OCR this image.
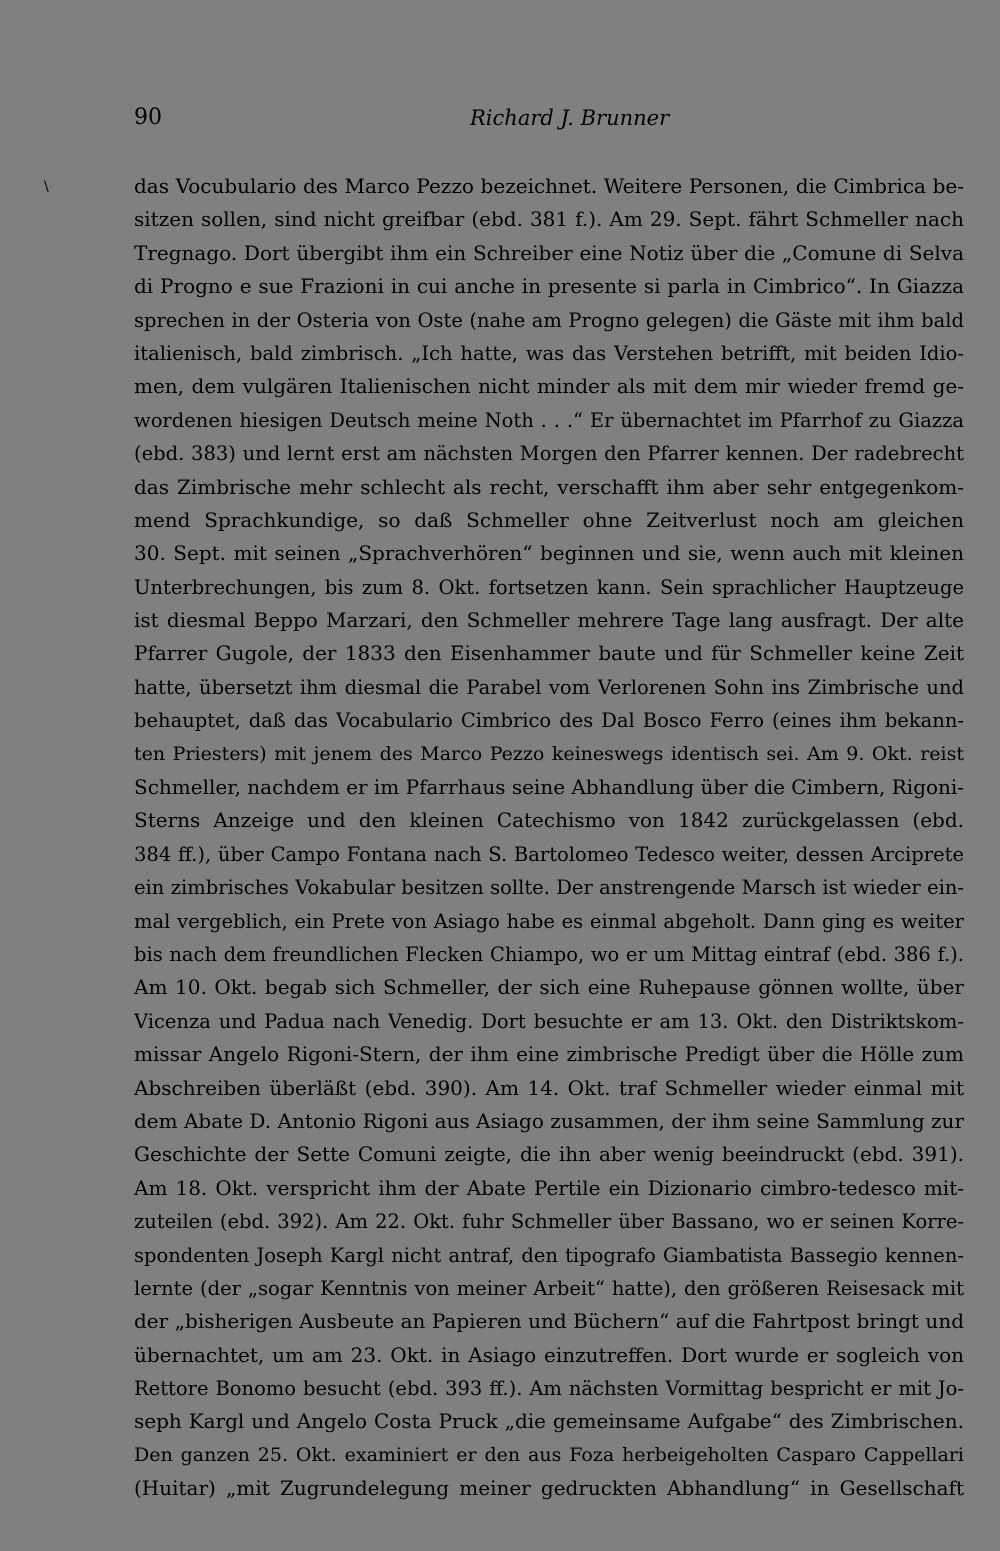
90	Richard J. Brunner
\	das Vocubulario des Marco Pezzo bezeichnet. Weitere Personen, die Cimbrica be-
sitzen sollen, sind nicht greifbar (ebd. 381 f.). Am 29. Sept. fährt Schmeller nach
Tregnago. Dort übergibt ihm ein Schreiber eine Notiz über die „Comune di Selva
di Progno e sue Frazioni in cui anche in presente si parla in Cimbrico“. In Giazza
sprechen in der Osteria von Oste (nahe am Progno gelegen) die Gäste mit ihm bald
italienisch, bald zimbrisch. „Ich hatte, was das Verstehen betrifft, mit beiden Idio-
men, dem vulgären Italienischen nicht minder als mit dem mir wieder fremd ge-
wordenen hiesigen Deutsch meine Noth . . .“ Er übernachtet im Pfarrhof zu Giazza
(ebd. 383) und lernt erst am nächsten Morgen den Pfarrer kennen. Der radebrecht
das Zimbrische mehr schlecht als recht, verschafft ihm aber sehr entgegenkom-
mend Sprachkundige, so daß Schmeller ohne Zeitverlust noch am gleichen
30. Sept. mit seinen „Sprachverhören“ beginnen und sie, wenn auch mit kleinen
Unterbrechungen, bis zum 8. Okt. fortsetzen kann. Sein sprachlicher Hauptzeuge
ist diesmal Beppo Marzari, den Schmeller mehrere Tage lang ausfragt. Der alte
Pfarrer Gugole, der 1833 den Eisenhammer baute und für Schmeller keine Zeit
hatte, übersetzt ihm diesmal die Parabel vom Verlorenen Sohn ins Zimbrische und
behauptet, daß das Vocabulario Cimbrico des Dal Bosco Ferro (eines ihm bekann-
ten Priesters) mit jenem des Marco Pezzo keineswegs identisch sei. Am 9. Okt. reist
Schmeller, nachdem er im Pfarrhaus seine Abhandlung über die Cimbern, Rigoni-
Sterns Anzeige und den kleinen Catechismo von 1842 zurückgelassen (ebd.
384 ff.), über Campo Fontana nach S. Bartolomeo Tedesco weiter, dessen Arciprete
ein zimbrisches Vokabular besitzen sollte. Der anstrengende Marsch ist wieder ein-
mal vergeblich, ein Prete von Asiago habe es einmal abgeholt. Dann ging es weiter
bis nach dem freundlichen Flecken Chiampo, wo er um Mittag eintraf (ebd. 386 f.).
Am 10. Okt. begab sich Schmeller, der sich eine Ruhepause gönnen wollte, über
Vicenza und Padua nach Venedig. Dort besuchte er am 13. Okt. den Distriktskom-
missar Angelo Rigoni-Stern, der ihm eine zimbrische Predigt über die Hölle zum
Abschreiben überläßt (ebd. 390). Am 14. Okt. traf Schmeller wieder einmal mit
dem Abate D. Antonio Rigoni aus Asiago zusammen, der ihm seine Sammlung zur
Geschichte der Sette Comuni zeigte, die ihn aber wenig beeindruckt (ebd. 391).
Am 18. Okt. verspricht ihm der Abate Pertile ein Dizionario cimbro-tedesco mit-
zuteilen (ebd. 392). Am 22. Okt. fuhr Schmeller über Bassano, wo er seinen Korre-
spondenten Joseph Kargl nicht antraf, den tipografo Giambatista Bassegio kennen-
lernte (der „sogar Kenntnis von meiner Arbeit“ hatte), den größeren Reisesack mit
der „bisherigen Ausbeute an Papieren und Büchern“ auf die Fahrtpost bringt und
übernachtet, um am 23. Okt. in Asiago einzutreffen. Dort wurde er sogleich von
Rettore Bonomo besucht (ebd. 393 ff.). Am nächsten Vormittag bespricht er mit Jo-
seph Kargl und Angelo Costa Pruck „die gemeinsame Aufgabe“ des Zimbrischen.
Den ganzen 25. Okt. examiniert er den aus Foza herbeigeholten Casparo Cappellari
(Huitar) „mit Zugrundelegung meiner gedruckten Abhandlung“ in Gesellschaft
